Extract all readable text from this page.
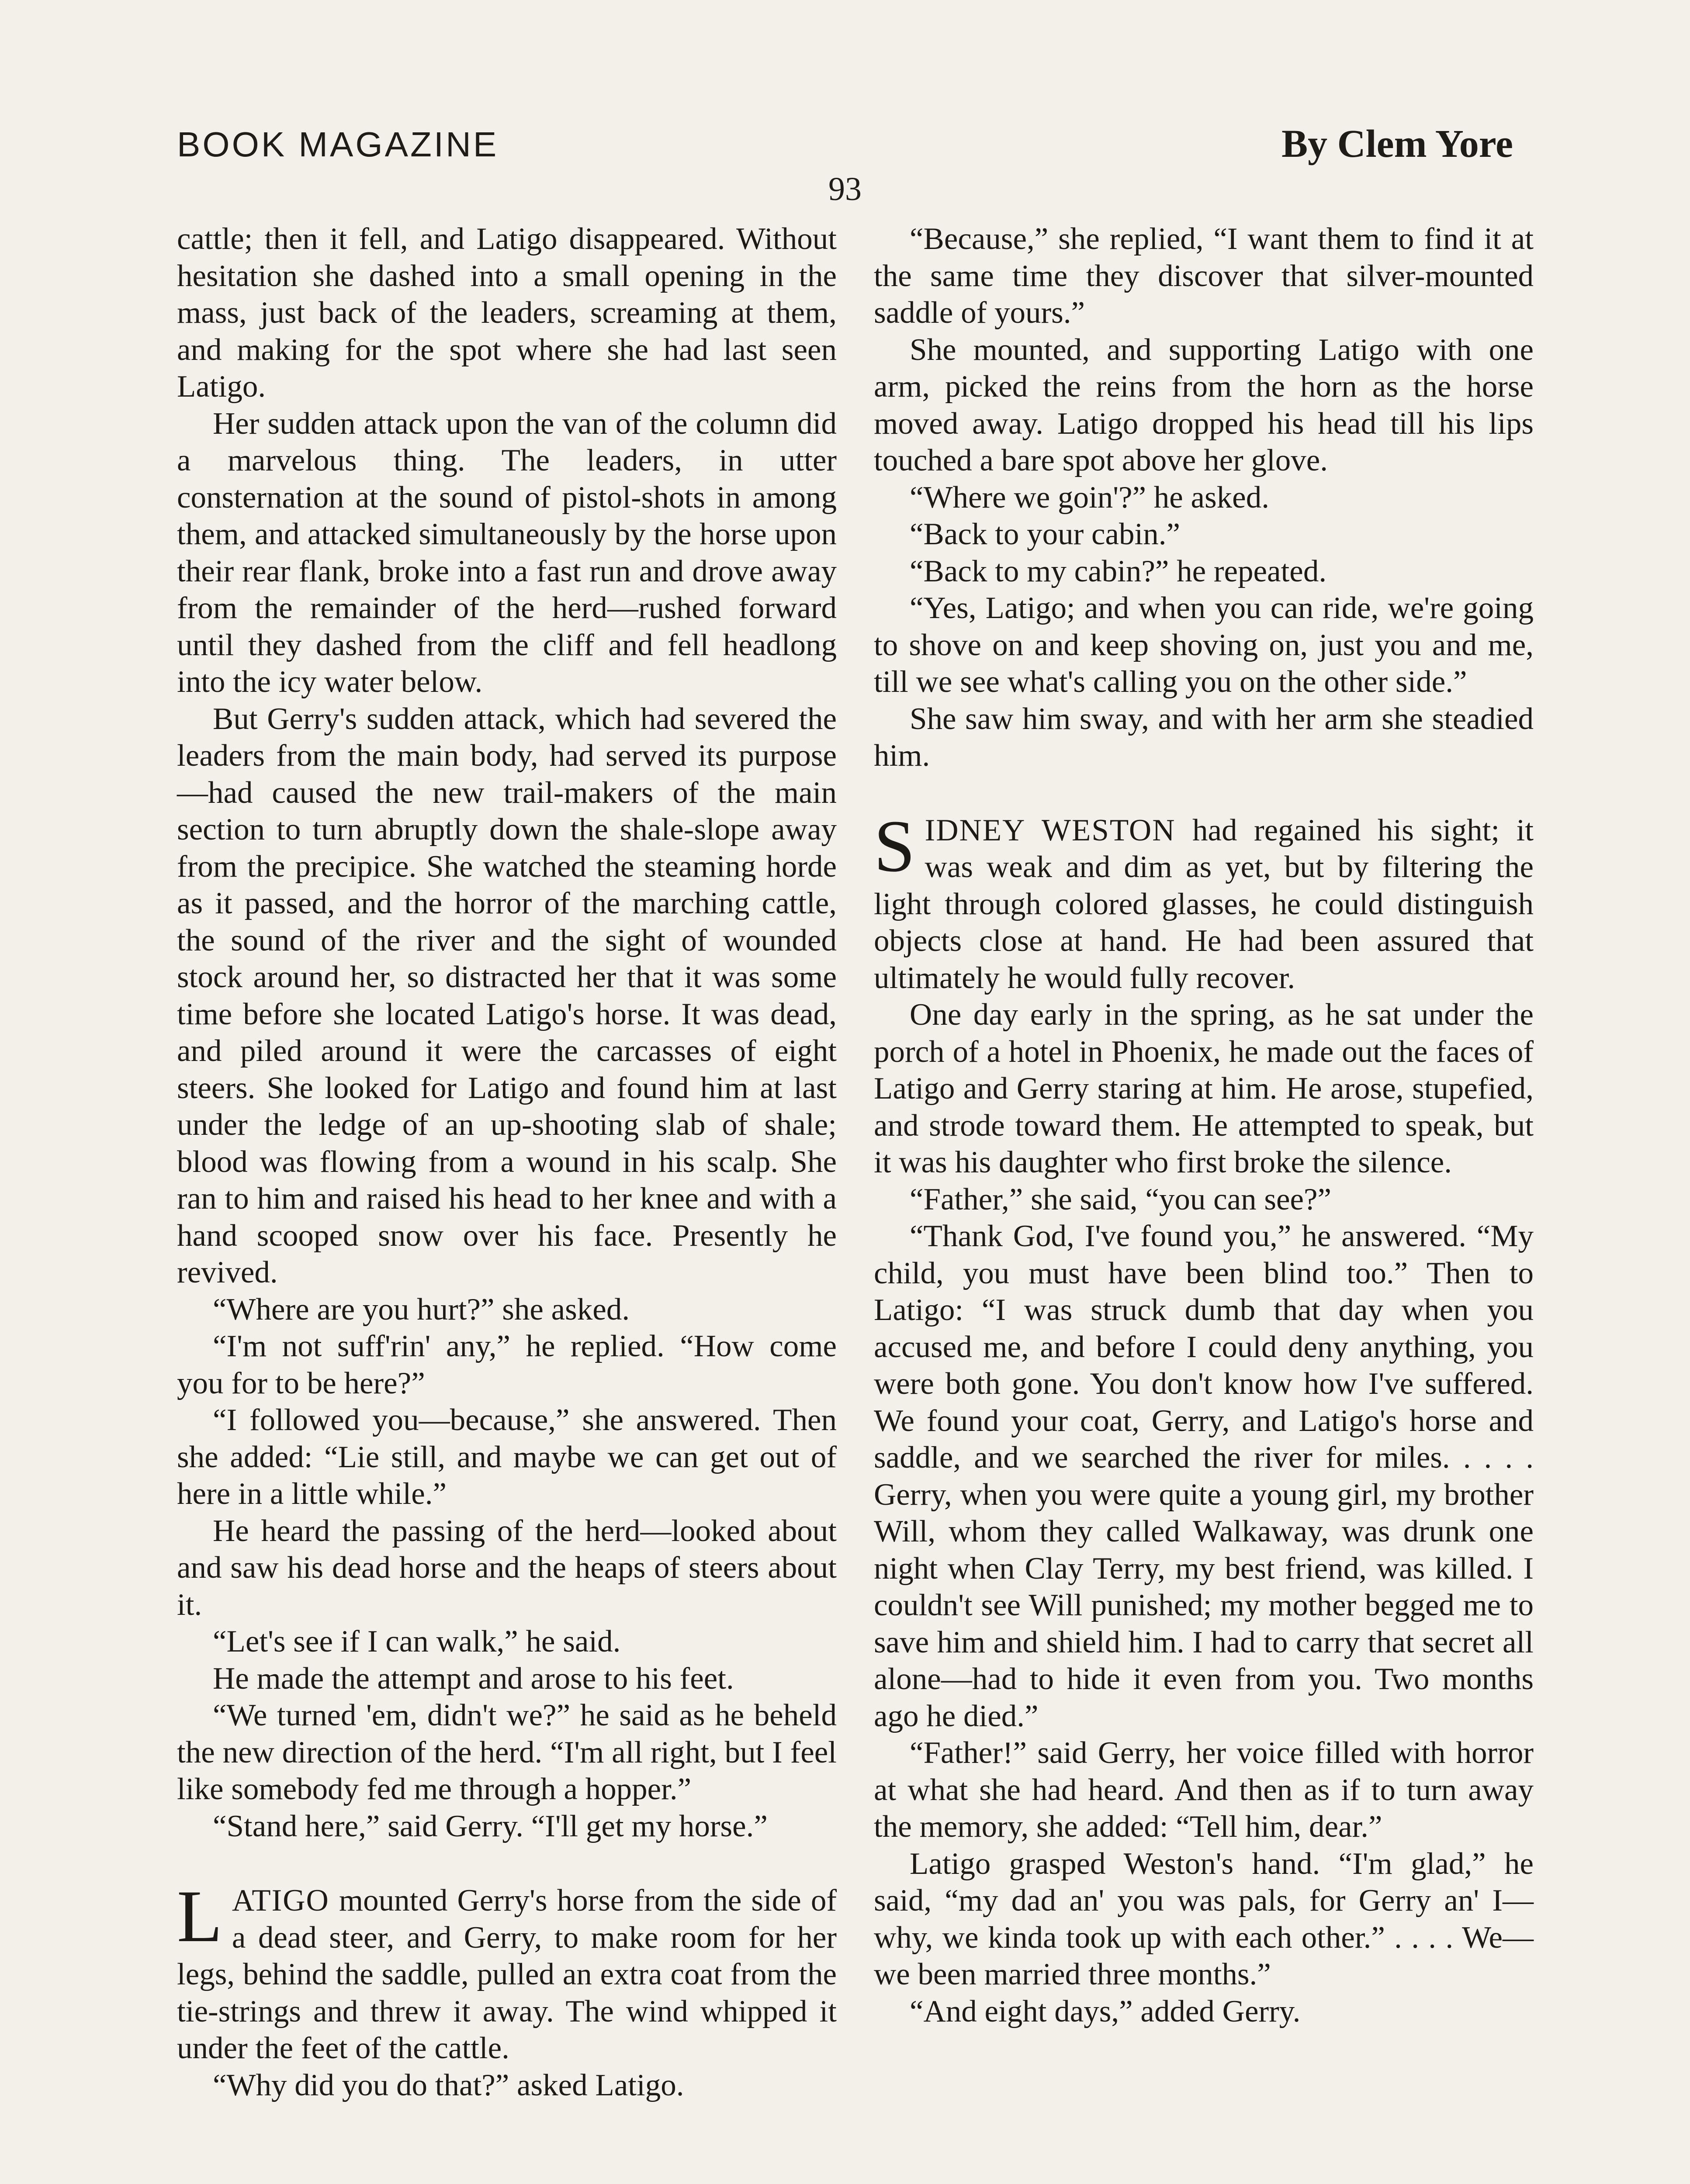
BOOK MAGAZINE	By Clem Yore
93

cattle; then it fell, and Latigo disappeared. Without hesitation she dashed into a small opening in the mass, just back of the leaders, screaming at them, and making for the spot where she had last seen Latigo.

Her sudden attack upon the van of the column did a marvelous thing. The leaders, in utter consternation at the sound of pistol-shots in among them, and attacked simultaneously by the horse upon their rear flank, broke into a fast run and drove away from the remainder of the herd—rushed forward until they dashed from the cliff and fell headlong into the icy water below.

But Gerry's sudden attack, which had severed the leaders from the main body, had served its purpose—had caused the new trail-makers of the main section to turn abruptly down the shale-slope away from the precipice. She watched the steaming horde as it passed, and the horror of the marching cattle, the sound of the river and the sight of wounded stock around her, so distracted her that it was some time before she located Latigo's horse. It was dead, and piled around it were the carcasses of eight steers. She looked for Latigo and found him at last under the ledge of an up-shooting slab of shale; blood was flowing from a wound in his scalp. She ran to him and raised his head to her knee and with a hand scooped snow over his face. Presently he revived.

“Where are you hurt?” she asked.

“I'm not suff'rin' any,” he replied. “How come you for to be here?”

“I followed you—because,” she answered. Then she added: “Lie still, and maybe we can get out of here in a little while.”

He heard the passing of the herd—looked about and saw his dead horse and the heaps of steers about it.

“Let's see if I can walk,” he said.

He made the attempt and arose to his feet.

“We turned 'em, didn't we?” he said as he beheld the new direction of the herd. “I'm all right, but I feel like somebody fed me through a hopper.”

“Stand here,” said Gerry. “I'll get my horse.”

LATIGO mounted Gerry's horse from the side of a dead steer, and Gerry, to make room for her legs, behind the saddle, pulled an extra coat from the tie-strings and threw it away. The wind whipped it under the feet of the cattle.

“Why did you do that?” asked Latigo.

“Because,” she replied, “I want them to find it at the same time they discover that silver-mounted saddle of yours.”

She mounted, and supporting Latigo with one arm, picked the reins from the horn as the horse moved away. Latigo dropped his head till his lips touched a bare spot above her glove.

“Where we goin'?” he asked.

“Back to your cabin.”

“Back to my cabin?” he repeated.

“Yes, Latigo; and when you can ride, we're going to shove on and keep shoving on, just you and me, till we see what's calling you on the other side.”

She saw him sway, and with her arm she steadied him.

SIDNEY WESTON had regained his sight; it was weak and dim as yet, but by filtering the light through colored glasses, he could distinguish objects close at hand. He had been assured that ultimately he would fully recover.

One day early in the spring, as he sat under the porch of a hotel in Phoenix, he made out the faces of Latigo and Gerry staring at him. He arose, stupefied, and strode toward them. He attempted to speak, but it was his daughter who first broke the silence.

“Father,” she said, “you can see?”

“Thank God, I've found you,” he answered. “My child, you must have been blind too.” Then to Latigo: “I was struck dumb that day when you accused me, and before I could deny anything, you were both gone. You don't know how I've suffered. We found your coat, Gerry, and Latigo's horse and saddle, and we searched the river for miles. . . . . Gerry, when you were quite a young girl, my brother Will, whom they called Walkaway, was drunk one night when Clay Terry, my best friend, was killed. I couldn't see Will punished; my mother begged me to save him and shield him. I had to carry that secret all alone—had to hide it even from you. Two months ago he died.”

“Father!” said Gerry, her voice filled with horror at what she had heard. And then as if to turn away the memory, she added: “Tell him, dear.”

Latigo grasped Weston's hand. “I'm glad,” he said, “my dad an' you was pals, for Gerry an' I—why, we kinda took up with each other.” . . . . We—we been married three months.”

“And eight days,” added Gerry.
